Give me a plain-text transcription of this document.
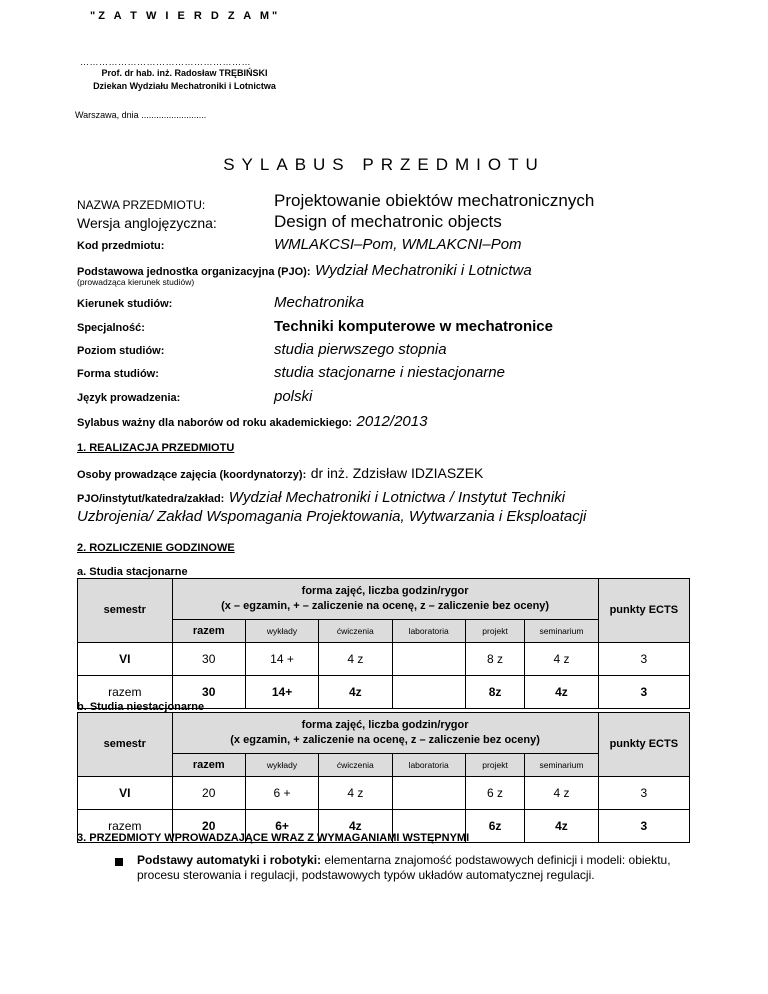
"Z A T W I E R D Z A M"
………………………………………………
Prof. dr hab. inż. Radosław TRĘBIŃSKI
Dziekan Wydziału Mechatroniki i Lotnictwa
Warszawa, dnia ..........................
SYLABUS PRZEDMIOTU
NAZWA PRZEDMIOTU:	Projektowanie obiektów mechatronicznych
Wersja anglojęzyczna:	Design of mechatronic objects
Kod przedmiotu:	WMLAKCSI–Pom, WMLAKCNI–Pom
Podstawowa jednostka organizacyjna (PJO): Wydział Mechatroniki i Lotnictwa
(prowadząca kierunek studiów)
Kierunek studiów:	Mechatronika
Specjalność:	Techniki komputerowe w mechatronice
Poziom studiów:	studia pierwszego stopnia
Forma studiów:	studia stacjonarne i niestacjonarne
Język prowadzenia:	polski
Sylabus ważny dla naborów od roku akademickiego: 2012/2013
1. REALIZACJA PRZEDMIOTU
Osoby prowadzące zajęcia (koordynatorzy): dr inż. Zdzisław IDZIASZEK
PJO/instytut/katedra/zakład: Wydział Mechatroniki i Lotnictwa / Instytut Techniki
Uzbrojenia/ Zakład Wspomagania Projektowania, Wytwarzania i Eksploatacji
2. ROZLICZENIE GODZINOWE
a. Studia stacjonarne
semestr	forma zajęć, liczba godzin/rygor
(x – egzamin, + – zaliczenie na ocenę, z – zaliczenie bez oceny)						punkty ECTS
	razem	wykłady	ćwiczenia	laboratoria	projekt	seminarium	
VI	30	14 +	4 z		8 z	4 z	3
razem	30	14+	4z		8z	4z	3
b. Studia niestacjonarne
semestr	forma zajęć, liczba godzin/rygor
(x egzamin, + zaliczenie na ocenę, z – zaliczenie bez oceny)						punkty ECTS
	razem	wykłady	ćwiczenia	laboratoria	projekt	seminarium	
VI	20	6 +	4 z		6 z	4 z	3
razem	20	6+	4z		6z	4z	3
3. PRZEDMIOTY WPROWADZAJĄCE WRAZ Z WYMAGANIAMI WSTĘPNYMI
Podstawy automatyki i robotyki: elementarna znajomość podstawowych definicji i modeli: obiektu, procesu sterowania i regulacji, podstawowych typów układów automatycznej regulacji.
